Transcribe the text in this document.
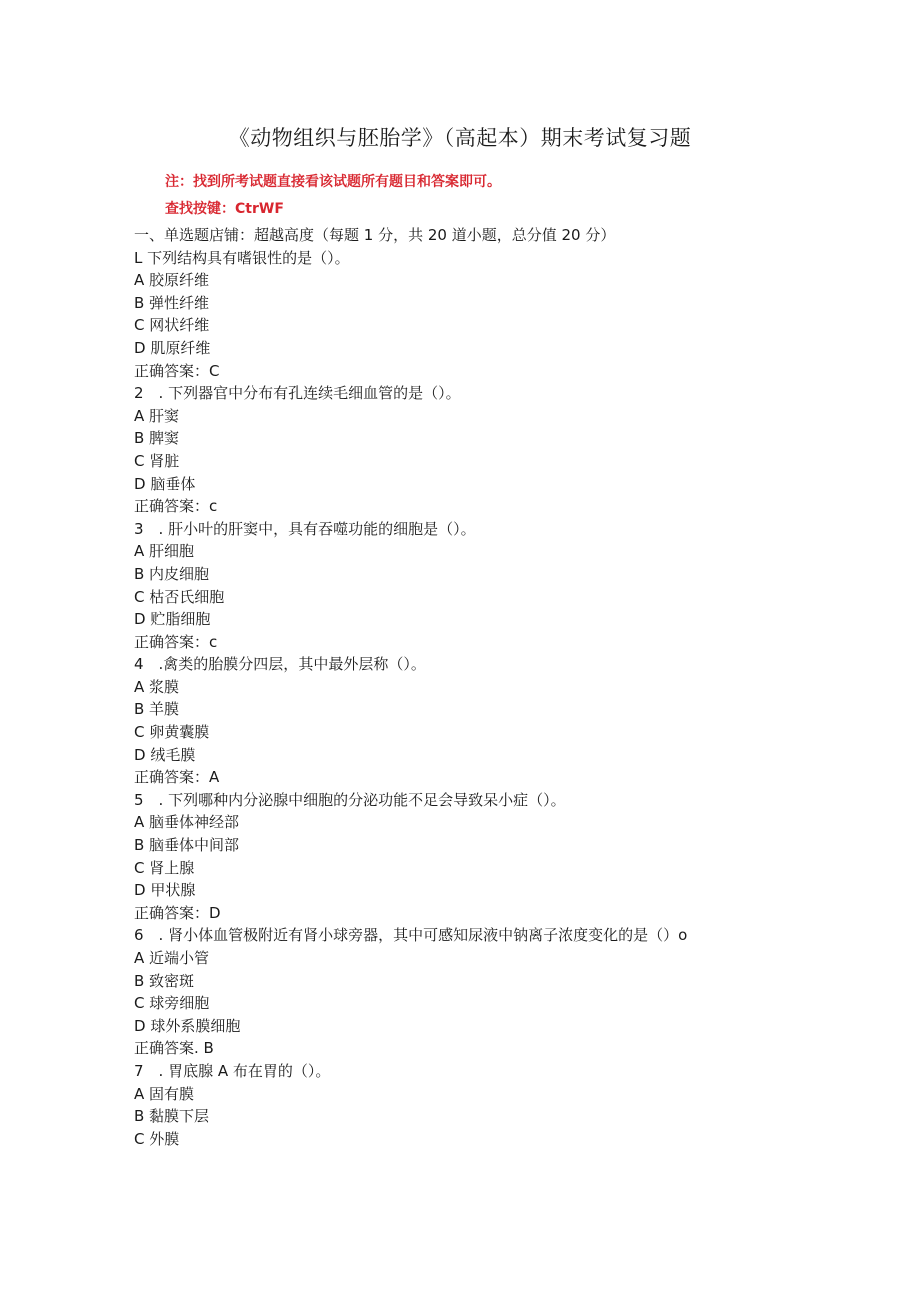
《动物组织与胚胎学》（高起本）期末考试复习题
注：找到所考试题直接看该试题所有题目和答案即可。
查找按键：CtrWF
一、单选题店铺：超越高度（每题 1 分，共 20 道小题，总分值 20 分）
L 下列结构具有嗜银性的是（）。
A 胶原纤维
B 弹性纤维
C 网状纤维
D 肌原纤维
正确答案：C
2　. 下列器官中分布有孔连续毛细血管的是（）。
A 肝窦
B 脾窦
C 肾脏
D 脑垂体
正确答案：c
3　. 肝小叶的肝窦中，具有吞噬功能的细胞是（）。
A 肝细胞
B 内皮细胞
C 枯否氏细胞
D 贮脂细胞
正确答案：c
4　.禽类的胎膜分四层，其中最外层称（）。
A 浆膜
B 羊膜
C 卵黄囊膜
D 绒毛膜
正确答案：A
5　. 下列哪种内分泌腺中细胞的分泌功能不足会导致呆小症（）。
A 脑垂体神经部
B 脑垂体中间部
C 肾上腺
D 甲状腺
正确答案：D
6　. 肾小体血管极附近有肾小球旁器，其中可感知尿液中钠离子浓度变化的是（）o
A 近端小管
B 致密斑
C 球旁细胞
D 球外系膜细胞
正确答案. B
7　. 胃底腺 A 布在胃的（）。
A 固有膜
B 黏膜下层
C 外膜
